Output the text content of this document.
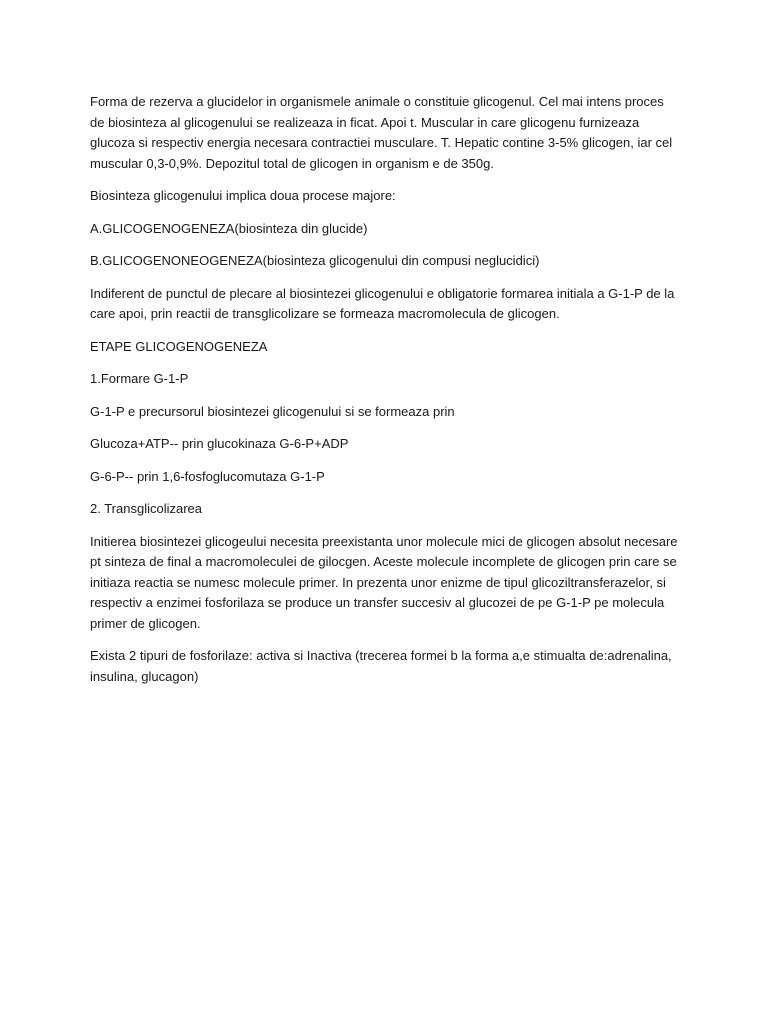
Forma de rezerva a glucidelor in organismele animale o constituie glicogenul. Cel mai intens proces de biosinteza al glicogenului se realizeaza in ficat. Apoi t. Muscular in care glicogenu furnizeaza glucoza si respectiv energia necesara contractiei musculare. T. Hepatic contine 3-5% glicogen, iar cel muscular 0,3-0,9%. Depozitul total de glicogen in organism e de 350g.

Biosinteza glicogenului implica doua procese majore:

A.GLICOGENOGENEZA(biosinteza din glucide)

B.GLICOGENONEOGENEZA(biosinteza glicogenului din compusi neglucidici)

Indiferent de punctul de plecare al biosintezei glicogenului e obligatorie formarea initiala a G-1-P de la care apoi, prin reactii de transglicolizare se formeaza macromolecula de glicogen.

ETAPE GLICOGENOGENEZA

1.Formare G-1-P

G-1-P e precursorul biosintezei glicogenului si se formeaza prin

Glucoza+ATP-- prin glucokinaza G-6-P+ADP

G-6-P-- prin 1,6-fosfoglucomutaza G-1-P

2. Transglicolizarea

Initierea biosintezei glicogeului necesita preexistanta unor molecule mici de glicogen absolut necesare pt sinteza de final a macromoleculei de gilocgen. Aceste molecule incomplete de glicogen prin care se initiaza reactia se numesc molecule primer. In prezenta unor enizme de tipul glicoziltransferazelor, si respectiv a enzimei fosforilaza se produce un transfer succesiv al glucozei de pe G-1-P pe molecula primer de glicogen.

Exista 2 tipuri de fosforilaze: activa si Inactiva (trecerea formei b la forma a,e stimualta de:adrenalina, insulina, glucagon)
